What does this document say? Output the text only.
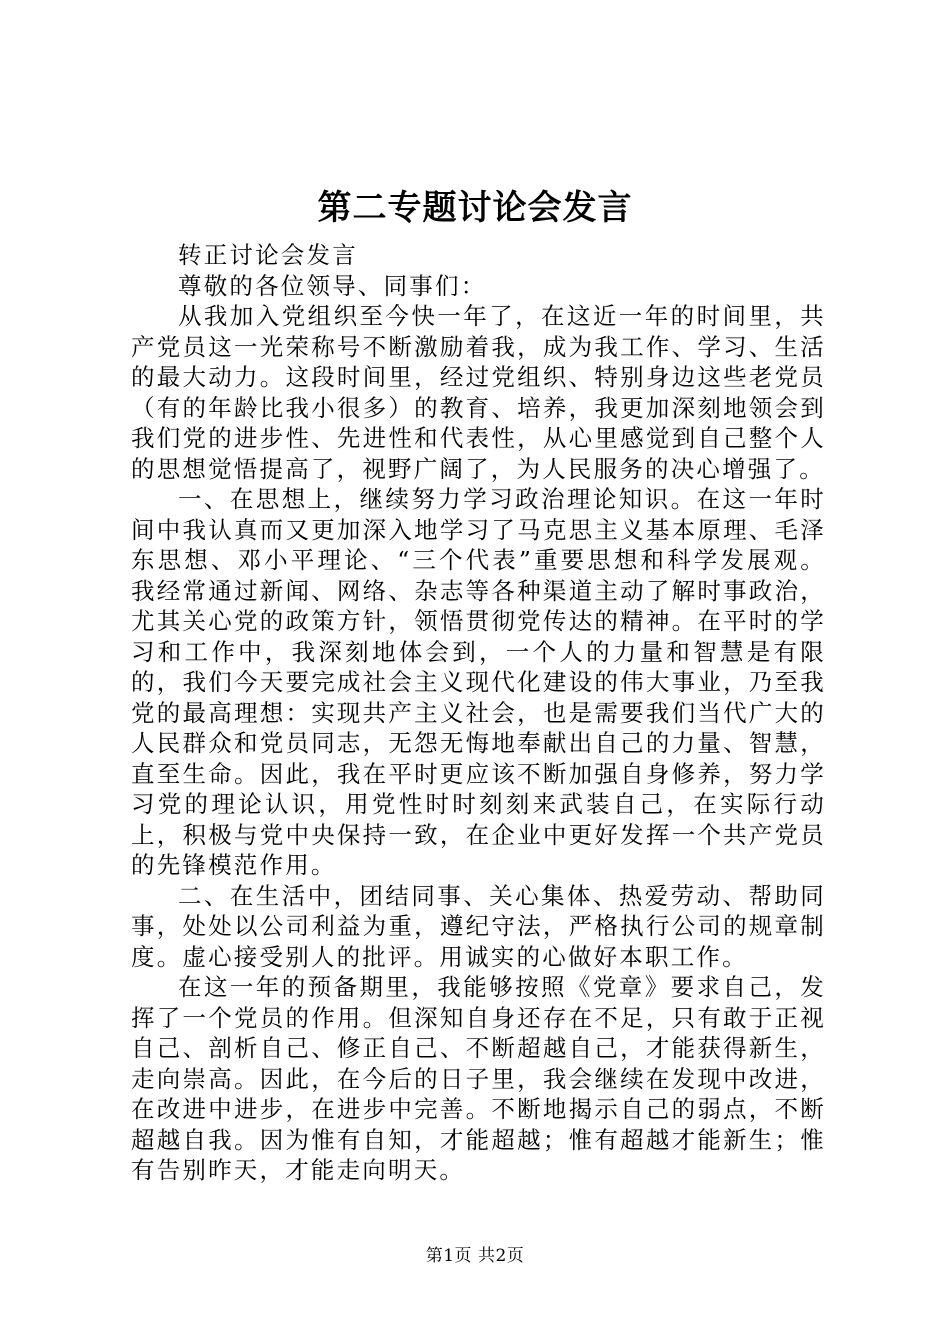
第二专题讨论会发言

转正讨论会发言

尊敬的各位领导、同事们：

从我加入党组织至今快一年了，在这近一年的时间里，共产党员这一光荣称号不断激励着我，成为我工作、学习、生活的最大动力。这段时间里，经过党组织、特别身边这些老党员（有的年龄比我小很多）的教育、培养，我更加深刻地领会到我们党的进步性、先进性和代表性，从心里感觉到自己整个人的思想觉悟提高了，视野广阔了，为人民服务的决心增强了。

一、在思想上，继续努力学习政治理论知识。在这一年时间中我认真而又更加深入地学习了马克思主义基本原理、毛泽东思想、邓小平理论、“三个代表”重要思想和科学发展观。我经常通过新闻、网络、杂志等各种渠道主动了解时事政治，尤其关心党的政策方针，领悟贯彻党传达的精神。在平时的学习和工作中，我深刻地体会到，一个人的力量和智慧是有限的，我们今天要完成社会主义现代化建设的伟大事业，乃至我党的最高理想：实现共产主义社会，也是需要我们当代广大的人民群众和党员同志，无怨无悔地奉献出自己的力量、智慧，直至生命。因此，我在平时更应该不断加强自身修养，努力学习党的理论认识，用党性时时刻刻来武装自己，在实际行动上，积极与党中央保持一致，在企业中更好发挥一个共产党员的先锋模范作用。

二、在生活中，团结同事、关心集体、热爱劳动、帮助同事，处处以公司利益为重，遵纪守法，严格执行公司的规章制度。虚心接受别人的批评。用诚实的心做好本职工作。

在这一年的预备期里，我能够按照《党章》要求自己，发挥了一个党员的作用。但深知自身还存在不足，只有敢于正视自己、剖析自己、修正自己、不断超越自己，才能获得新生，走向崇高。因此，在今后的日子里，我会继续在发现中改进，在改进中进步，在进步中完善。不断地揭示自己的弱点，不断超越自我。因为惟有自知，才能超越；惟有超越才能新生；惟有告别昨天，才能走向明天。

第1页 共2页
